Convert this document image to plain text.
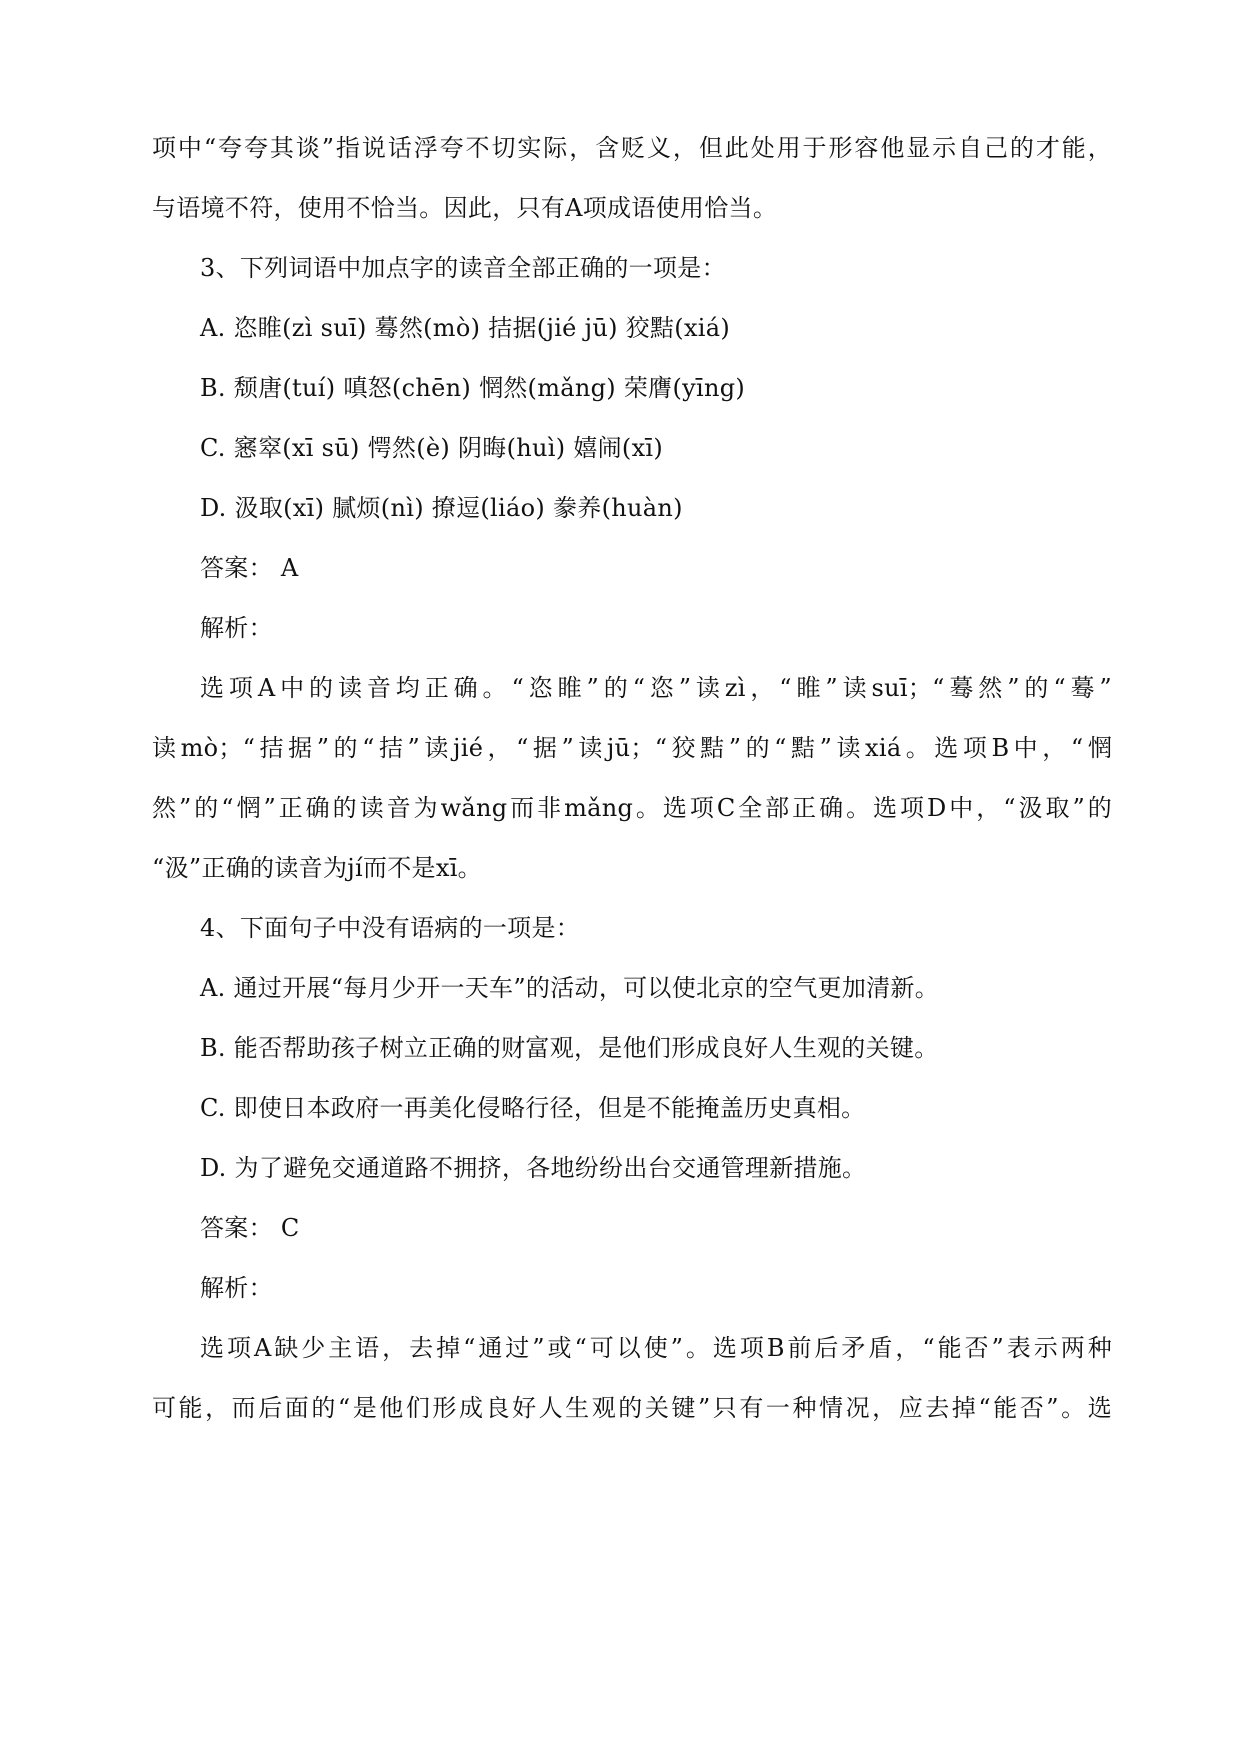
项中“夸夸其谈”指说话浮夸不切实际，含贬义，但此处用于形容他显示自己的才能，
与语境不符，使用不恰当。因此，只有A项成语使用恰当。
3、下列词语中加点字的读音全部正确的一项是：
A. 恣睢(zì suī) 蓦然(mò) 拮据(jié jū) 狡黠(xiá)
B. 颓唐(tuí) 嗔怒(chēn) 惘然(mǎng) 荣膺(yīng)
C. 窸窣(xī sū) 愕然(è) 阴晦(huì) 嬉闹(xī)
D. 汲取(xī) 腻烦(nì) 撩逗(liáo) 豢养(huàn)
答案： A
解析：
选项A中的读音均正确。“恣睢”的“恣”读zì，“睢”读suī；“蓦然”的“蓦”
读mò；“拮据”的“拮”读jié，“据”读jū；“狡黠”的“黠”读xiá。选项B中，“惘
然”的“惘”正确的读音为wǎng而非mǎng。选项C全部正确。选项D中，“汲取”的
“汲”正确的读音为jí而不是xī。
4、下面句子中没有语病的一项是：
A. 通过开展“每月少开一天车”的活动，可以使北京的空气更加清新。
B. 能否帮助孩子树立正确的财富观，是他们形成良好人生观的关键。
C. 即使日本政府一再美化侵略行径，但是不能掩盖历史真相。
D. 为了避免交通道路不拥挤，各地纷纷出台交通管理新措施。
答案： C
解析：
选项A缺少主语，去掉“通过”或“可以使”。选项B前后矛盾，“能否”表示两种
可能，而后面的“是他们形成良好人生观的关键”只有一种情况，应去掉“能否”。选
